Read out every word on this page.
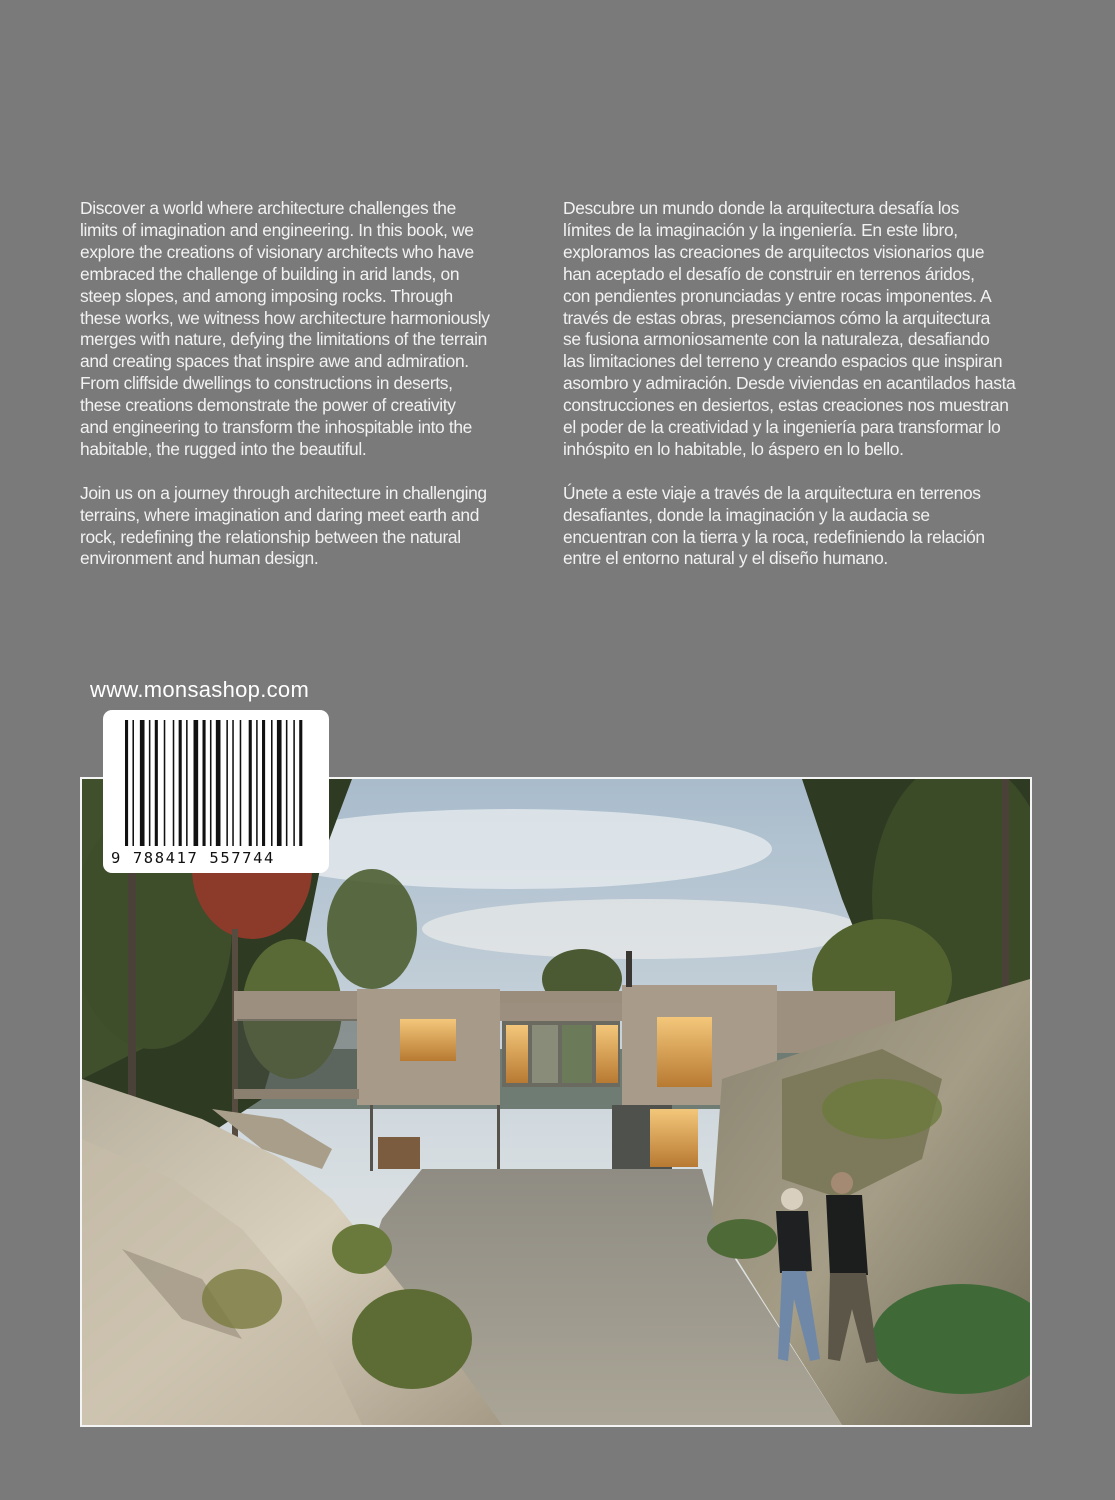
Discover a world where architecture challenges the
limits of imagination and engineering. In this book, we
explore the creations of visionary architects who have
embraced the challenge of building in arid lands, on
steep slopes, and among imposing rocks. Through
these works, we witness how architecture harmoniously
merges with nature, defying the limitations of the terrain
and creating spaces that inspire awe and admiration.
From cliffside dwellings to constructions in deserts,
these creations demonstrate the power of creativity
and engineering to transform the inhospitable into the
habitable, the rugged into the beautiful.

Join us on a journey through architecture in challenging
terrains, where imagination and daring meet earth and
rock, redefining the relationship between the natural
environment and human design.

Descubre un mundo donde la arquitectura desafía los
límites de la imaginación y la ingeniería. En este libro,
exploramos las creaciones de arquitectos visionarios que
han aceptado el desafío de construir en terrenos áridos,
con pendientes pronunciadas y entre rocas imponentes. A
través de estas obras, presenciamos cómo la arquitectura
se fusiona armoniosamente con la naturaleza, desafiando
las limitaciones del terreno y creando espacios que inspiran
asombro y admiración. Desde viviendas en acantilados hasta
construcciones en desiertos, estas creaciones nos muestran
el poder de la creatividad y la ingeniería para transformar lo
inhóspito en lo habitable, lo áspero en lo bello.

Únete a este viaje a través de la arquitectura en terrenos
desafiantes, donde la imaginación y la audacia se
encuentran con la tierra y la roca, redefiniendo la relación
entre el entorno natural y el diseño humano.

www.monsashop.com
9 788417 557744
